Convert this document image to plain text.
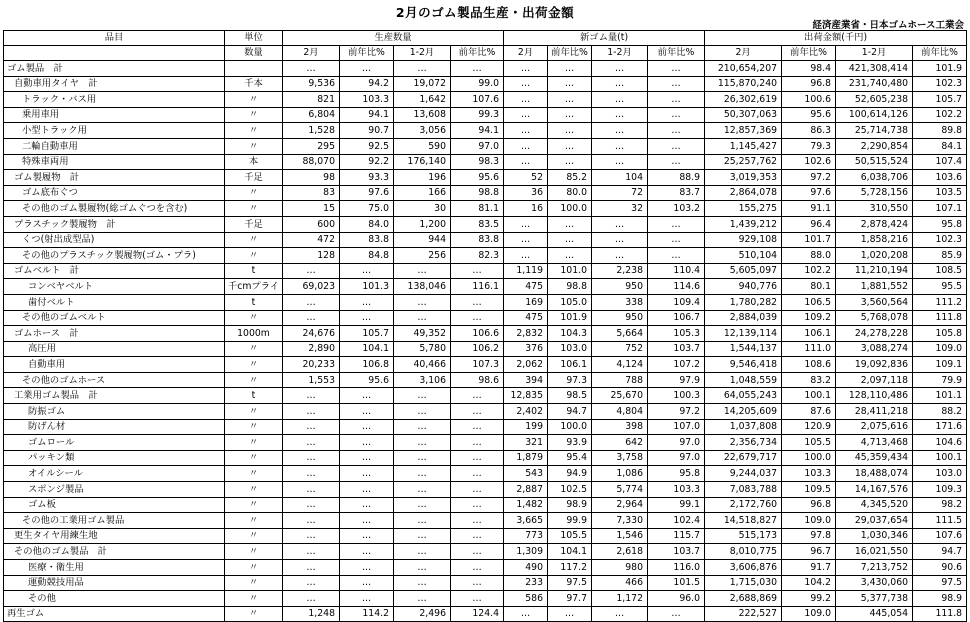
2月のゴム製品生産・出荷金額
経済産業省・日本ゴムホース工業会
品目	単位	生産数量				新ゴム量(t)				出荷金額(千円)			
	数量	2月	前年比%	1-2月	前年比%	2月	前年比%	1-2月	前年比%	2月	前年比%	1-2月	前年比%
ゴム製品　計		…	…	…	…	…	…	…	…	210,654,207	98.4	421,308,414	101.9
自動車用タイヤ　計	千本	9,536	94.2	19,072	99.0	…	…	…	…	115,870,240	96.8	231,740,480	102.3
トラック・バス用	〃	821	103.3	1,642	107.6	…	…	…	…	26,302,619	100.6	52,605,238	105.7
乗用車用	〃	6,804	94.1	13,608	99.3	…	…	…	…	50,307,063	95.6	100,614,126	102.2
小型トラック用	〃	1,528	90.7	3,056	94.1	…	…	…	…	12,857,369	86.3	25,714,738	89.8
二輪自動車用	〃	295	92.5	590	97.0	…	…	…	…	1,145,427	79.3	2,290,854	84.1
特殊車両用	本	88,070	92.2	176,140	98.3	…	…	…	…	25,257,762	102.6	50,515,524	107.4
ゴム製履物　計	千足	98	93.3	196	95.6	52	85.2	104	88.9	3,019,353	97.2	6,038,706	103.6
ゴム底布ぐつ	〃	83	97.6	166	98.8	36	80.0	72	83.7	2,864,078	97.6	5,728,156	103.5
その他のゴム製履物(総ゴムぐつを含む)	〃	15	75.0	30	81.1	16	100.0	32	103.2	155,275	91.1	310,550	107.1
プラスチック製履物　計	千足	600	84.0	1,200	83.5	…	…	…	…	1,439,212	96.4	2,878,424	95.8
くつ(射出成型品)	〃	472	83.8	944	83.8	…	…	…	…	929,108	101.7	1,858,216	102.3
その他のプラスチック製履物(ゴム・プラ)	〃	128	84.8	256	82.3	…	…	…	…	510,104	88.0	1,020,208	85.9
ゴムベルト　計	t	…	…	…	…	1,119	101.0	2,238	110.4	5,605,097	102.2	11,210,194	108.5
コンベヤベルト	千cmプライ	69,023	101.3	138,046	116.1	475	98.8	950	114.6	940,776	80.1	1,881,552	95.5
歯付ベルト	t	…	…	…	…	169	105.0	338	109.4	1,780,282	106.5	3,560,564	111.2
その他のゴムベルト	〃	…	…	…	…	475	101.9	950	106.7	2,884,039	109.2	5,768,078	111.8
ゴムホース　計	1000m	24,676	105.7	49,352	106.6	2,832	104.3	5,664	105.3	12,139,114	106.1	24,278,228	105.8
高圧用	〃	2,890	104.1	5,780	106.2	376	103.0	752	103.7	1,544,137	111.0	3,088,274	109.0
自動車用	〃	20,233	106.8	40,466	107.3	2,062	106.1	4,124	107.2	9,546,418	108.6	19,092,836	109.1
その他のゴムホース	〃	1,553	95.6	3,106	98.6	394	97.3	788	97.9	1,048,559	83.2	2,097,118	79.9
工業用ゴム製品　計	t	…	…	…	…	12,835	98.5	25,670	100.3	64,055,243	100.1	128,110,486	101.1
防振ゴム	〃	…	…	…	…	2,402	94.7	4,804	97.2	14,205,609	87.6	28,411,218	88.2
防げん材	〃	…	…	…	…	199	100.0	398	107.0	1,037,808	120.9	2,075,616	171.6
ゴムロール	〃	…	…	…	…	321	93.9	642	97.0	2,356,734	105.5	4,713,468	104.6
パッキン類	〃	…	…	…	…	1,879	95.4	3,758	97.0	22,679,717	100.0	45,359,434	100.1
オイルシール	〃	…	…	…	…	543	94.9	1,086	95.8	9,244,037	103.3	18,488,074	103.0
スポンジ製品	〃	…	…	…	…	2,887	102.5	5,774	103.3	7,083,788	109.5	14,167,576	109.3
ゴム板	〃	…	…	…	…	1,482	98.9	2,964	99.1	2,172,760	96.8	4,345,520	98.2
その他の工業用ゴム製品	〃	…	…	…	…	3,665	99.9	7,330	102.4	14,518,827	109.0	29,037,654	111.5
更生タイヤ用練生地	〃	…	…	…	…	773	105.5	1,546	115.7	515,173	97.8	1,030,346	107.6
その他のゴム製品　計	〃	…	…	…	…	1,309	104.1	2,618	103.7	8,010,775	96.7	16,021,550	94.7
医療・衛生用	〃	…	…	…	…	490	117.2	980	116.0	3,606,876	91.7	7,213,752	90.6
運動競技用品	〃	…	…	…	…	233	97.5	466	101.5	1,715,030	104.2	3,430,060	97.5
その他	〃	…	…	…	…	586	97.7	1,172	96.0	2,688,869	99.2	5,377,738	98.9
再生ゴム	〃	1,248	114.2	2,496	124.4	…	…	…	…	222,527	109.0	445,054	111.8
